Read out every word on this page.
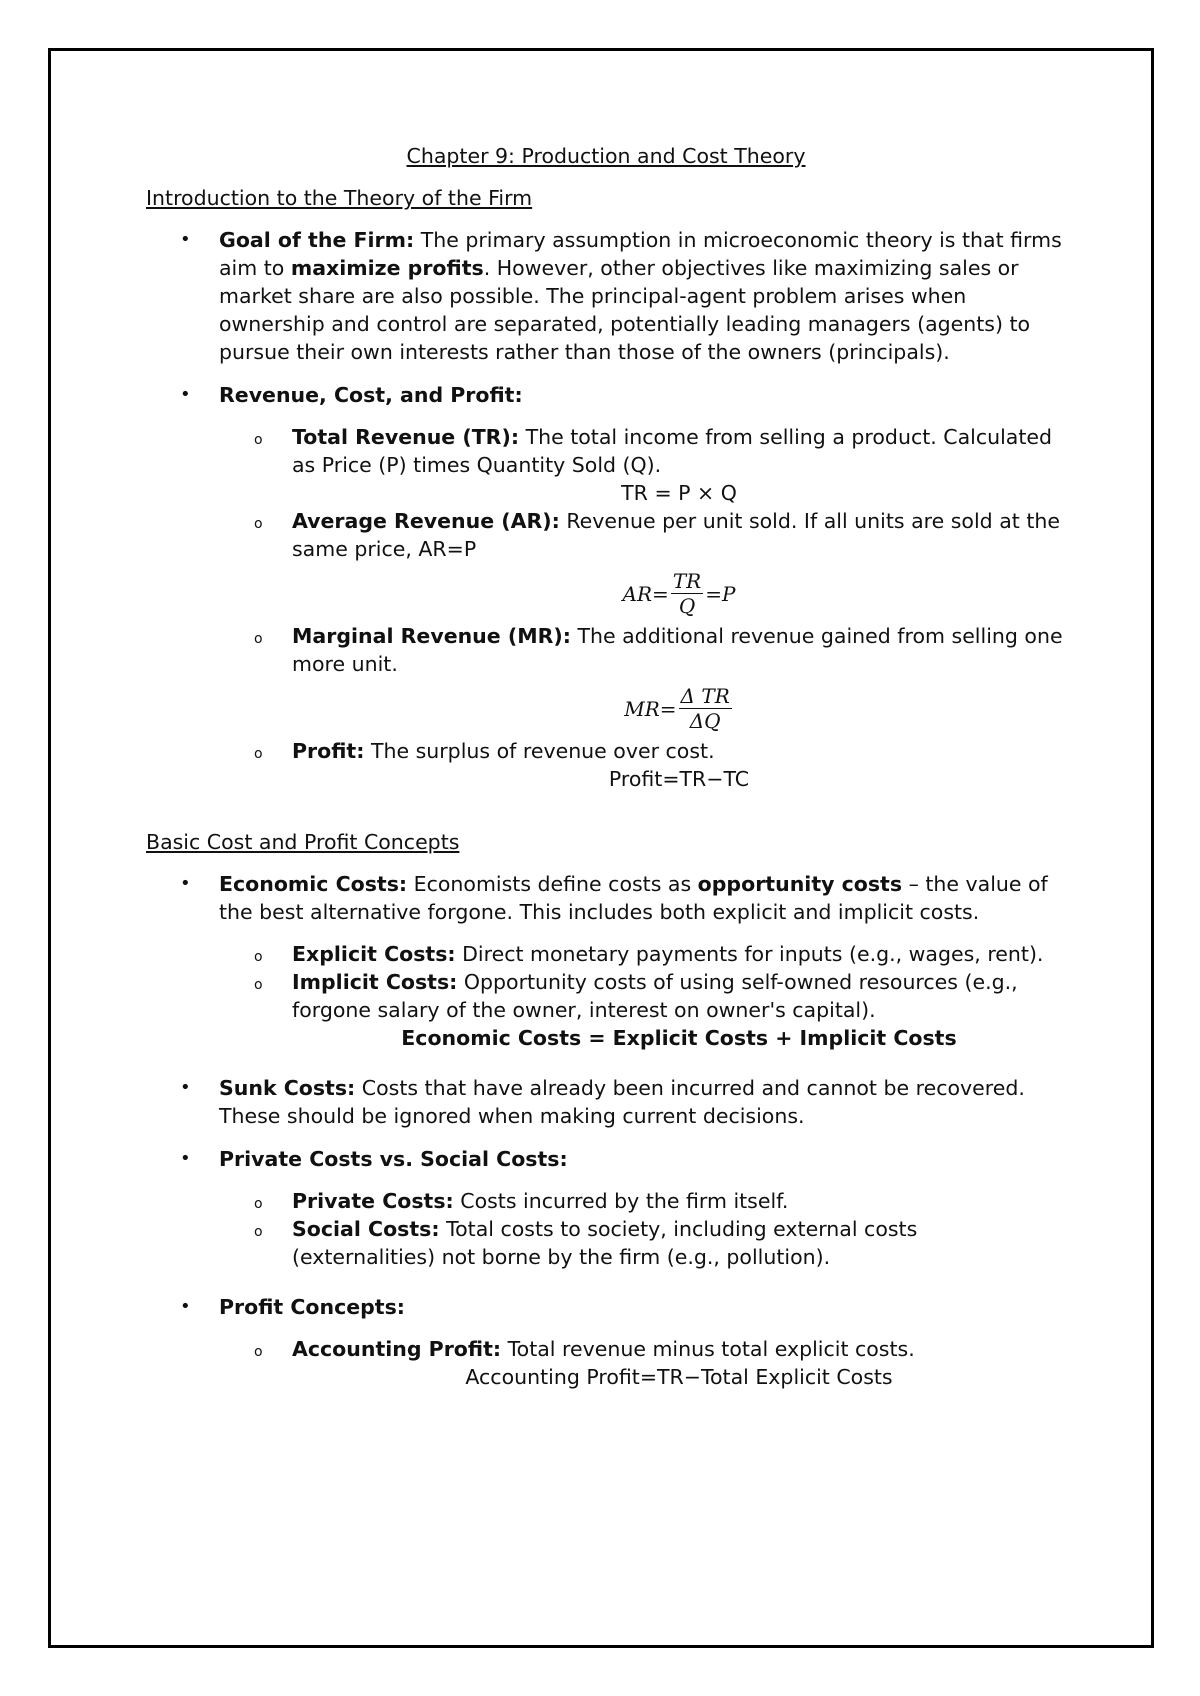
Chapter 9: Production and Cost Theory
Introduction to the Theory of the Firm
• Goal of the Firm: The primary assumption in microeconomic theory is that firms aim to maximize profits. However, other objectives like maximizing sales or market share are also possible. The principal-agent problem arises when ownership and control are separated, potentially leading managers (agents) to pursue their own interests rather than those of the owners (principals).
• Revenue, Cost, and Profit:
o Total Revenue (TR): The total income from selling a product. Calculated as Price (P) times Quantity Sold (Q).
TR = P × Q
o Average Revenue (AR): Revenue per unit sold. If all units are sold at the same price, AR=P
$AR= \frac{TR}{Q} =P$
o Marginal Revenue (MR): The additional revenue gained from selling one more unit.
$MR= \frac{\text{Δ TR}}{\Delta Q}$
o Profit: The surplus of revenue over cost.
Profit=TR−TC
Basic Cost and Profit Concepts
• Economic Costs: Economists define costs as opportunity costs – the value of the best alternative forgone. This includes both explicit and implicit costs.
o Explicit Costs: Direct monetary payments for inputs (e.g., wages, rent).
o Implicit Costs: Opportunity costs of using self-owned resources (e.g., forgone salary of the owner, interest on owner's capital).
Economic Costs = Explicit Costs + Implicit Costs
• Sunk Costs: Costs that have already been incurred and cannot be recovered. These should be ignored when making current decisions.
• Private Costs vs. Social Costs:
o Private Costs: Costs incurred by the firm itself.
o Social Costs: Total costs to society, including external costs (externalities) not borne by the firm (e.g., pollution).
• Profit Concepts:
o Accounting Profit: Total revenue minus total explicit costs.
Accounting Profit=TR−Total Explicit Costs
